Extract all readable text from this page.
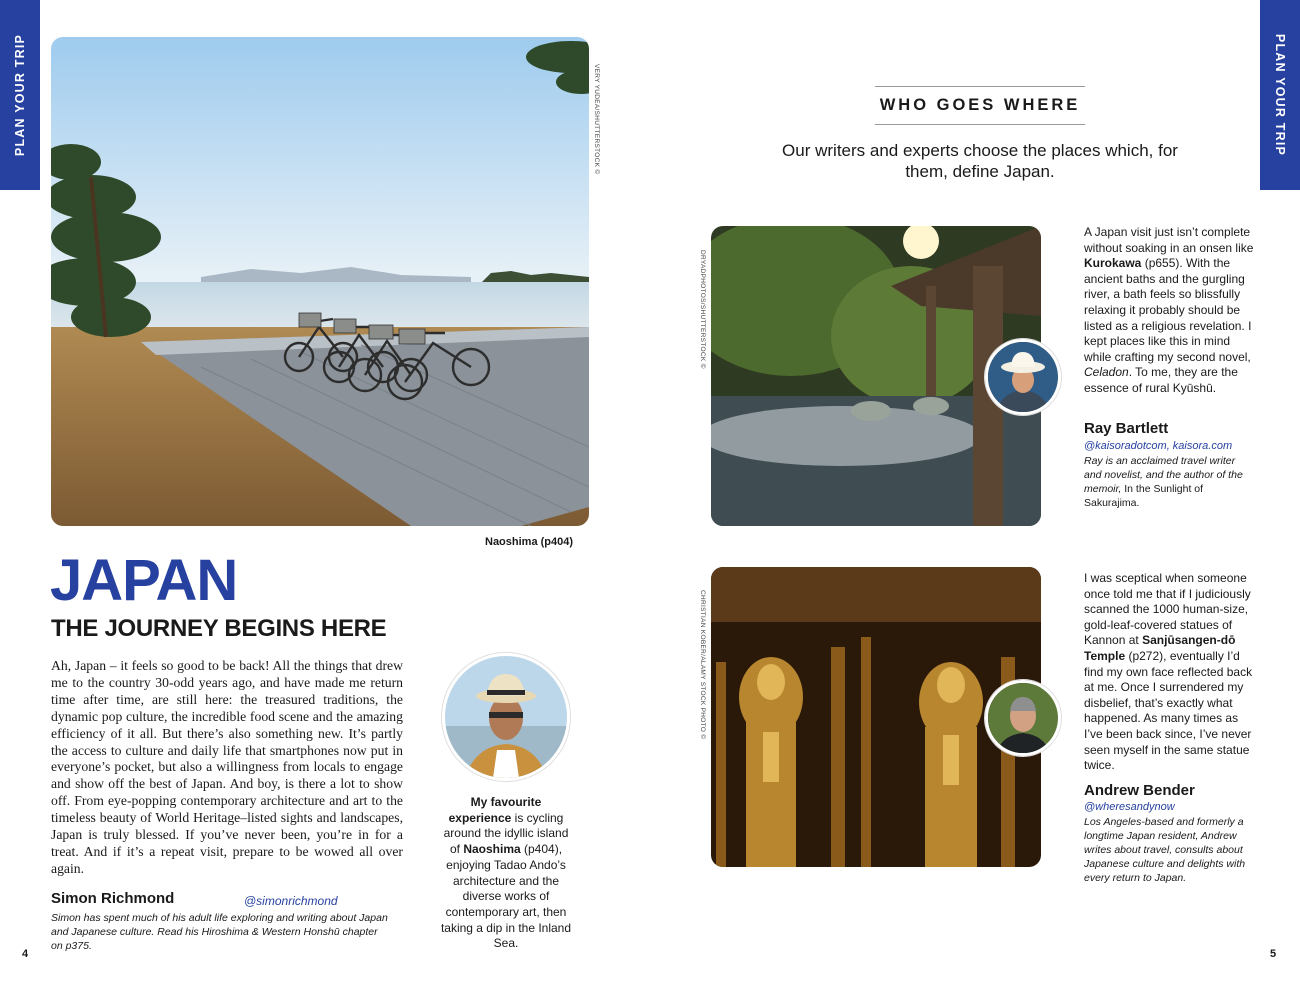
PLAN YOUR TRIP	VERY YUDEA/SHUTTERSTOCK ©
Naoshima (p404)
JAPAN
THE JOURNEY BEGINS HERE

Ah, Japan – it feels so good to be back! All the things that drew me to the country 30-odd years ago, and have made me return time after time, are still here: the treasured traditions, the dynamic pop culture, the incredible food scene and the amazing efficiency of it all. But there’s also something new. It’s partly the access to culture and daily life that smartphones now put in everyone’s pocket, but also a willingness from locals to engage and show off the best of Japan. And boy, is there a lot to show off. From eye-popping contemporary architecture and art to the timeless beauty of World Heritage–listed sights and landscapes, Japan is truly blessed. If you’ve never been, you’re in for a treat. And if it’s a repeat visit, prepare to be wowed all over again.

Simon Richmond	@simonrichmond

Simon has spent much of his adult life exploring and writing about Japan and Japanese culture. Read his Hiroshima & Western Honshū chapter on p375.

My favourite experience is cycling around the idyllic island of Naoshima (p404), enjoying Tadao Ando’s architecture and the diverse works of contemporary art, then taking a dip in the Inland Sea.

4
PLAN YOUR TRIP
WHO GOES WHERE

Our writers and experts choose the places which, for them, define Japan.

DRYADPHOTOS/SHUTTERSTOCK ©

A Japan visit just isn’t complete without soaking in an onsen like Kurokawa (p655). With the ancient baths and the gurgling river, a bath feels so blissfully relaxing it probably should be listed as a religious revelation. I kept places like this in mind while crafting my second novel, Celadon. To me, they are the essence of rural Kyūshū.

Ray Bartlett
@kaisoradotcom, kaisora.com

Ray is an acclaimed travel writer and novelist, and the author of the memoir, In the Sunlight of Sakurajima.

CHRISTIAN KOBER/ALAMY STOCK PHOTO ©

I was sceptical when someone once told me that if I judiciously scanned the 1000 human-size, gold-leaf-covered statues of Kannon at Sanjūsangen-dō Temple (p272), eventually I’d find my own face reflected back at me. Once I surrendered my disbelief, that’s exactly what happened. As many times as I’ve been back since, I’ve never seen myself in the same statue twice.

Andrew Bender
@wheresandynow

Los Angeles-based and formerly a longtime Japan resident, Andrew writes about travel, consults about Japanese culture and delights with every return to Japan.

5
